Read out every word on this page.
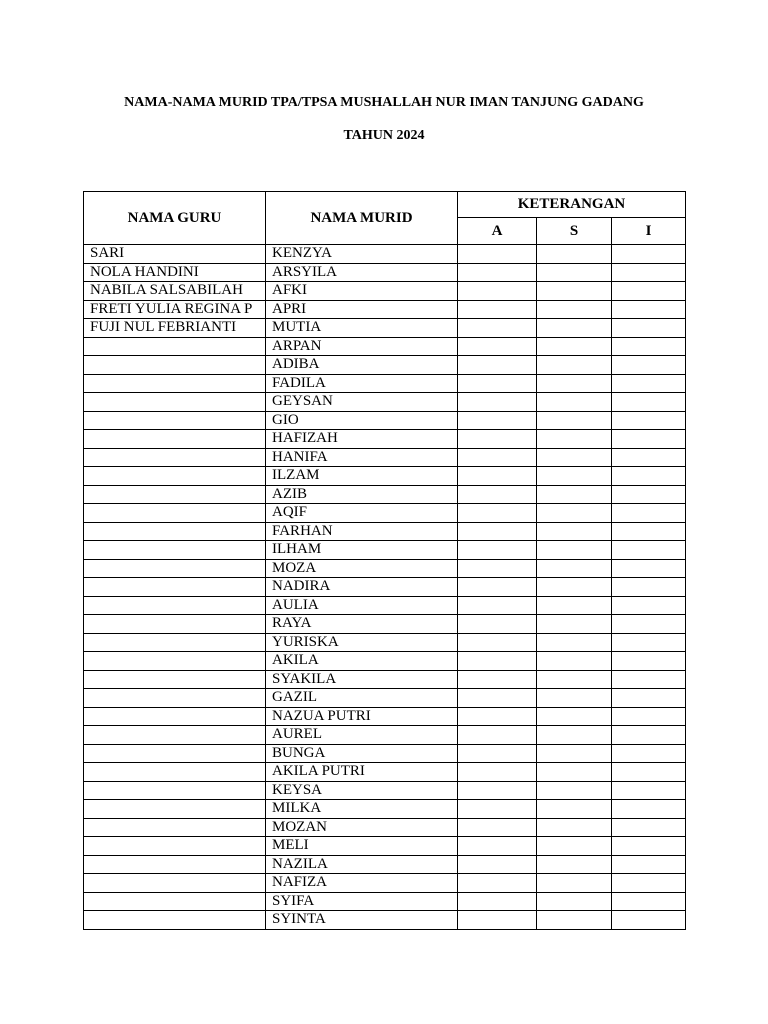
NAMA-NAMA MURID TPA/TPSA MUSHALLAH NUR IMAN TANJUNG GADANG
TAHUN 2024
NAMA GURU	NAMA MURID	KETERANGAN		
		A	S	I
SARI	KENZYA			
NOLA HANDINI	ARSYILA			
NABILA SALSABILAH	AFKI			
FRETI YULIA REGINA P	APRI			
FUJI NUL FEBRIANTI	MUTIA			
	ARPAN			
	ADIBA			
	FADILA			
	GEYSAN			
	GIO			
	HAFIZAH			
	HANIFA			
	ILZAM			
	AZIB			
	AQIF			
	FARHAN			
	ILHAM			
	MOZA			
	NADIRA			
	AULIA			
	RAYA			
	YURISKA			
	AKILA			
	SYAKILA			
	GAZIL			
	NAZUA PUTRI			
	AUREL			
	BUNGA			
	AKILA PUTRI			
	KEYSA			
	MILKA			
	MOZAN			
	MELI			
	NAZILA			
	NAFIZA			
	SYIFA			
	SYINTA			
